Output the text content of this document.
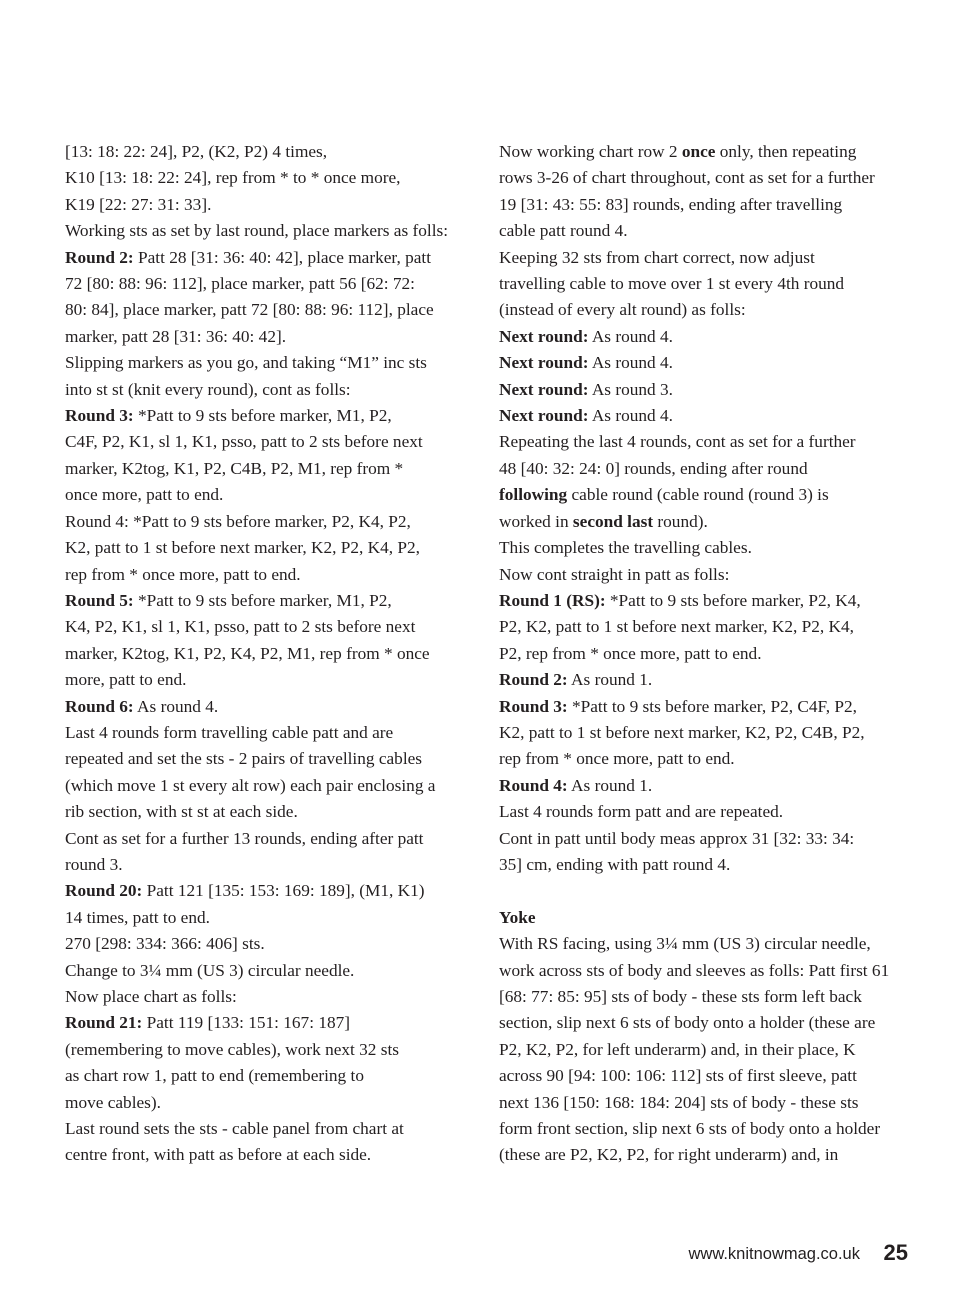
[13: 18: 22: 24], P2, (K2, P2) 4 times,
K10 [13: 18: 22: 24], rep from * to * once more,
K19 [22: 27: 31: 33].
Working sts as set by last round, place markers as folls:
Round 2: Patt 28 [31: 36: 40: 42], place marker, patt
72 [80: 88: 96: 112], place marker, patt 56 [62: 72:
80: 84], place marker, patt 72 [80: 88: 96: 112], place
marker, patt 28 [31: 36: 40: 42].
Slipping markers as you go, and taking “M1” inc sts
into st st (knit every round), cont as folls:
Round 3: *Patt to 9 sts before marker, M1, P2,
C4F, P2, K1, sl 1, K1, psso, patt to 2 sts before next
marker, K2tog, K1, P2, C4B, P2, M1, rep from *
once more, patt to end.
Round 4: *Patt to 9 sts before marker, P2, K4, P2,
K2, patt to 1 st before next marker, K2, P2, K4, P2,
rep from * once more, patt to end.
Round 5: *Patt to 9 sts before marker, M1, P2,
K4, P2, K1, sl 1, K1, psso, patt to 2 sts before next
marker, K2tog, K1, P2, K4, P2, M1, rep from * once
more, patt to end.
Round 6: As round 4.
Last 4 rounds form travelling cable patt and are
repeated and set the sts - 2 pairs of travelling cables
(which move 1 st every alt row) each pair enclosing a
rib section, with st st at each side.
Cont as set for a further 13 rounds, ending after patt
round 3.
Round 20: Patt 121 [135: 153: 169: 189], (M1, K1)
14 times, patt to end.
270 [298: 334: 366: 406] sts.
Change to 3¼ mm (US 3) circular needle.
Now place chart as folls:
Round 21: Patt 119 [133: 151: 167: 187]
(remembering to move cables), work next 32 sts
as chart row 1, patt to end (remembering to
move cables).
Last round sets the sts - cable panel from chart at
centre front, with patt as before at each side.
Now working chart row 2 once only, then repeating
rows 3-26 of chart throughout, cont as set for a further
19 [31: 43: 55: 83] rounds, ending after travelling
cable patt round 4.
Keeping 32 sts from chart correct, now adjust
travelling cable to move over 1 st every 4th round
(instead of every alt round) as folls:
Next round: As round 4.
Next round: As round 4.
Next round: As round 3.
Next round: As round 4.
Repeating the last 4 rounds, cont as set for a further
48 [40: 32: 24: 0] rounds, ending after round
following cable round (cable round (round 3) is
worked in second last round).
This completes the travelling cables.
Now cont straight in patt as folls:
Round 1 (RS): *Patt to 9 sts before marker, P2, K4,
P2, K2, patt to 1 st before next marker, K2, P2, K4,
P2, rep from * once more, patt to end.
Round 2: As round 1.
Round 3: *Patt to 9 sts before marker, P2, C4F, P2,
K2, patt to 1 st before next marker, K2, P2, C4B, P2,
rep from * once more, patt to end.
Round 4: As round 1.
Last 4 rounds form patt and are repeated.
Cont in patt until body meas approx 31 [32: 33: 34:
35] cm, ending with patt round 4.
Yoke
With RS facing, using 3¼ mm (US 3) circular needle,
work across sts of body and sleeves as folls: Patt first 61
[68: 77: 85: 95] sts of body - these sts form left back
section, slip next 6 sts of body onto a holder (these are
P2, K2, P2, for left underarm) and, in their place, K
across 90 [94: 100: 106: 112] sts of first sleeve, patt
next 136 [150: 168: 184: 204] sts of body - these sts
form front section, slip next 6 sts of body onto a holder
(these are P2, K2, P2, for right underarm) and, in
www.knitnowmag.co.uk	25
